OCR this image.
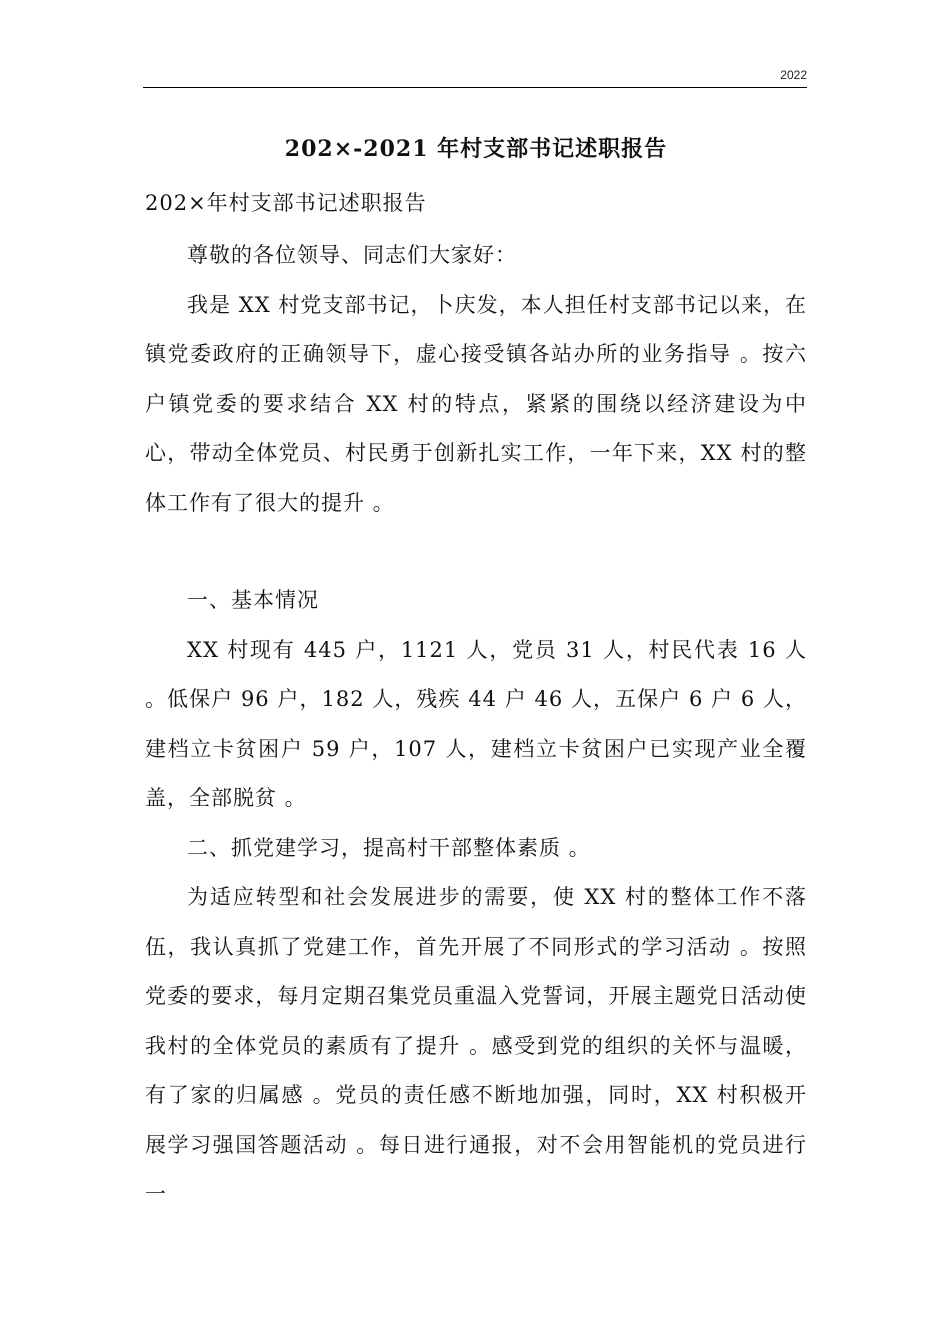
2022
202×-2021 年村支部书记述职报告
202×年村支部书记述职报告

尊敬的各位领导、同志们大家好：

我是 XX 村党支部书记，卜庆发，本人担任村支部书记以来，在镇党委政府的正确领导下，虚心接受镇各站办所的业务指导 。按六户镇党委的要求结合 XX 村的特点，紧紧的围绕以经济建设为中心，带动全体党员、村民勇于创新扎实工作，一年下来，XX 村的整体工作有了很大的提升 。

一、基本情况

XX 村现有 445 户，1121 人，党员 31 人，村民代表 16 人 。低保户 96 户，182 人，残疾 44 户 46 人，五保户 6 户 6 人，建档立卡贫困户 59 户，107 人，建档立卡贫困户已实现产业全覆盖，全部脱贫 。

二、抓党建学习，提高村干部整体素质 。

为适应转型和社会发展进步的需要，使 XX 村的整体工作不落伍，我认真抓了党建工作，首先开展了不同形式的学习活动 。按照党委的要求，每月定期召集党员重温入党誓词，开展主题党日活动使我村的全体党员的素质有了提升 。感受到党的组织的关怀与温暖，有了家的归属感 。党员的责任感不断地加强，同时，XX 村积极开展学习强国答题活动 。每日进行通报，对不会用智能机的党员进行一
